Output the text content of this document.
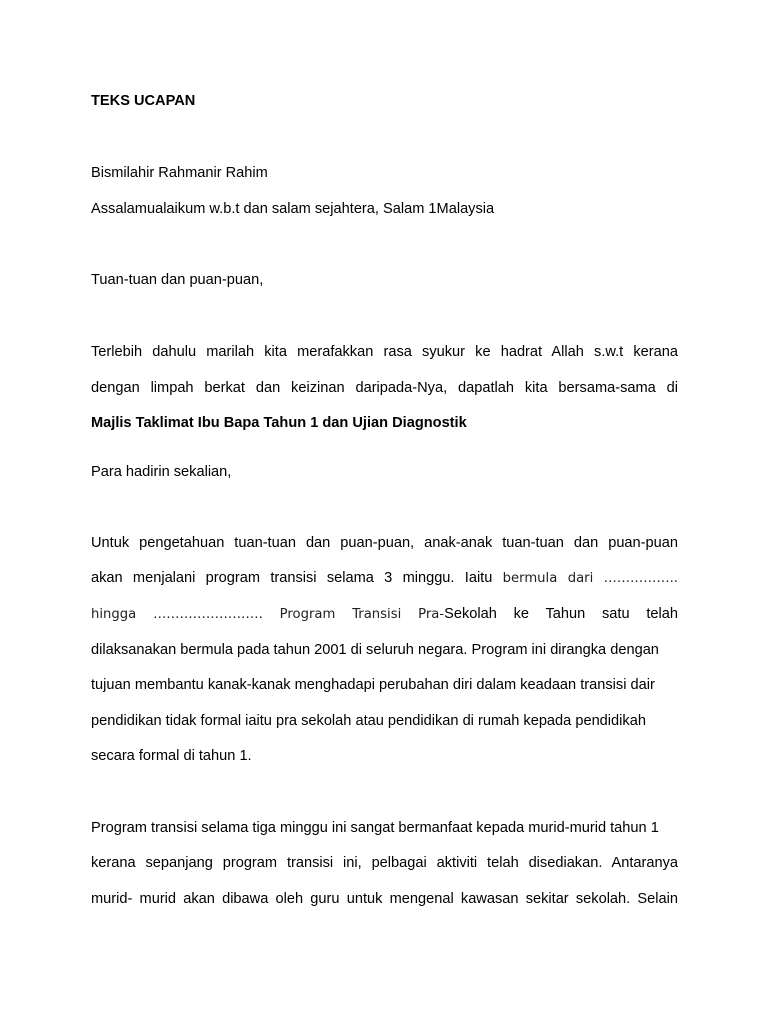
TEKS UCAPAN
Bismilahir Rahmanir Rahim
Assalamualaikum w.b.t dan salam sejahtera, Salam 1Malaysia
Tuan-tuan dan puan-puan,
Terlebih dahulu marilah kita merafakkan rasa syukur ke hadrat Allah s.w.t kerana
dengan limpah berkat dan keizinan daripada-Nya, dapatlah kita bersama-sama di
Majlis Taklimat Ibu Bapa Tahun 1 dan Ujian Diagnostik
Para hadirin sekalian,
Untuk pengetahuan tuan-tuan dan puan-puan, anak-anak tuan-tuan dan puan-puan
akan menjalani program transisi selama 3 minggu. Iaitu bermula dari ……………..
hingga ……………………. Program Transisi Pra-Sekolah ke Tahun satu telah
dilaksanakan bermula pada tahun 2001 di seluruh negara. Program ini dirangka dengan
tujuan membantu kanak-kanak menghadapi perubahan diri dalam keadaan transisi dair
pendidikan tidak formal iaitu pra sekolah atau pendidikan di rumah kepada pendidikah
secara formal di tahun 1.
Program transisi selama tiga minggu ini sangat bermanfaat kepada murid-murid tahun 1
kerana sepanjang program transisi ini, pelbagai aktiviti telah disediakan. Antaranya
murid- murid akan dibawa oleh guru untuk mengenal kawasan sekitar sekolah. Selain
